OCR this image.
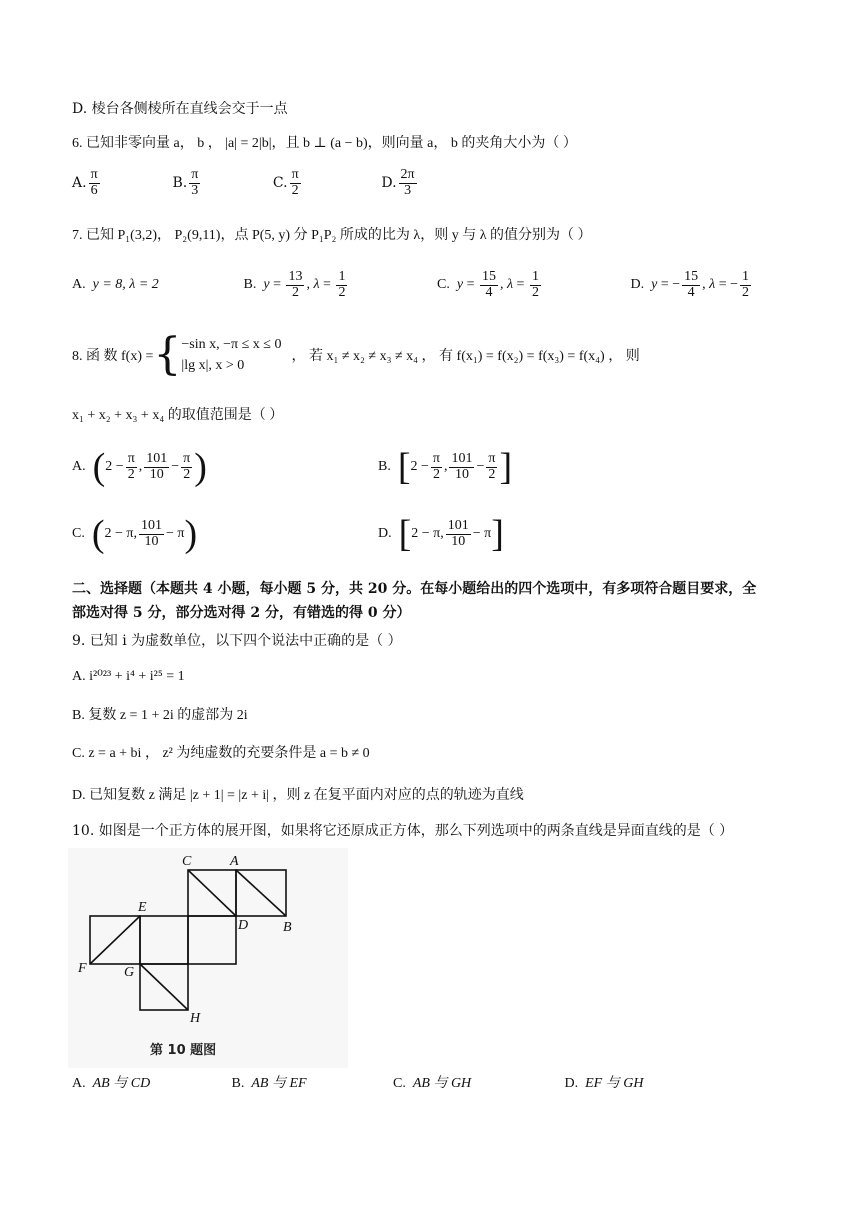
D. 棱台各侧棱所在直线会交于一点
6. 已知非零向量 a， b ， |a| = 2|b|，且 b ⊥ (a − b)，则向量 a， b 的夹角大小为（ ）
A. $\frac{\pi}{6}$
	B. $\frac{\pi}{3}$
	C. $\frac{\pi}{2}$
	D. $\frac{2\pi}{3}$
7. 已知 P₁(3,2)， P₂(9,11)，点 P(5, y) 分 P₁P₂ 所成的比为 λ，则 y 与 λ 的值分别为（ ）
A.
y = 8, λ = 2
	B.
$y = \frac{13}{2}$ , $\lambda = \frac{1}{2}$
	C.
$y = \frac{15}{4}$ , $\lambda = \frac{1}{2}$
	D.
y = − $\frac{15}{4}$ , λ = − $\frac{1}{2}$
8. 函 数 f(x) = { −sin x, −π ≤ x ≤ 0
|lg x|, x > 0
， 若 x₁ ≠ x₂ ≠ x₃ ≠ x₄ ， 有 f(x₁) = f(x₂) = f(x₃) = f(x₄) ， 则
x₁ + x₂ + x₃ + x₄ 的取值范围是（ ）
A.
( $2 - \frac{\pi}{2}$ , $\frac{101}{10} - \frac{\pi}{2}$ )	B.
[ $2 - \frac{\pi}{2}$ , $\frac{101}{10} - \frac{\pi}{2}$ ]
C.
( 2 − π, $\frac{101}{10} - \pi$ )	D.
[ 2 − π, $\frac{101}{10} - \pi$ ]
二、选择题（本题共 4 小题，每小题 5 分，共 20 分。在每小题给出的四个选项中，有多项符合题目要求，全
部选对得 5 分，部分选对得 2 分，有错选的得 0 分）
9. 已知 i 为虚数单位，以下四个说法中正确的是（ ）
A. i²⁰²³ + i⁴ + i²⁵ = 1
B. 复数 z = 1 + 2i 的虚部为 2i
C. z = a + bi ， z² 为纯虚数的充要条件是 a = b ≠ 0
D. 已知复数 z 满足 |z + 1| = |z + i| ，则 z 在复平面内对应的点的轨迹为直线
10. 如图是一个正方体的展开图，如果将它还原成正方体，那么下列选项中的两条直线是异面直线的是（ ）
C	A
E
D B
F	G
H
第 10 题图
A. AB 与 CD	B. AB 与 EF	C. AB 与 GH	D. EF 与 GH
